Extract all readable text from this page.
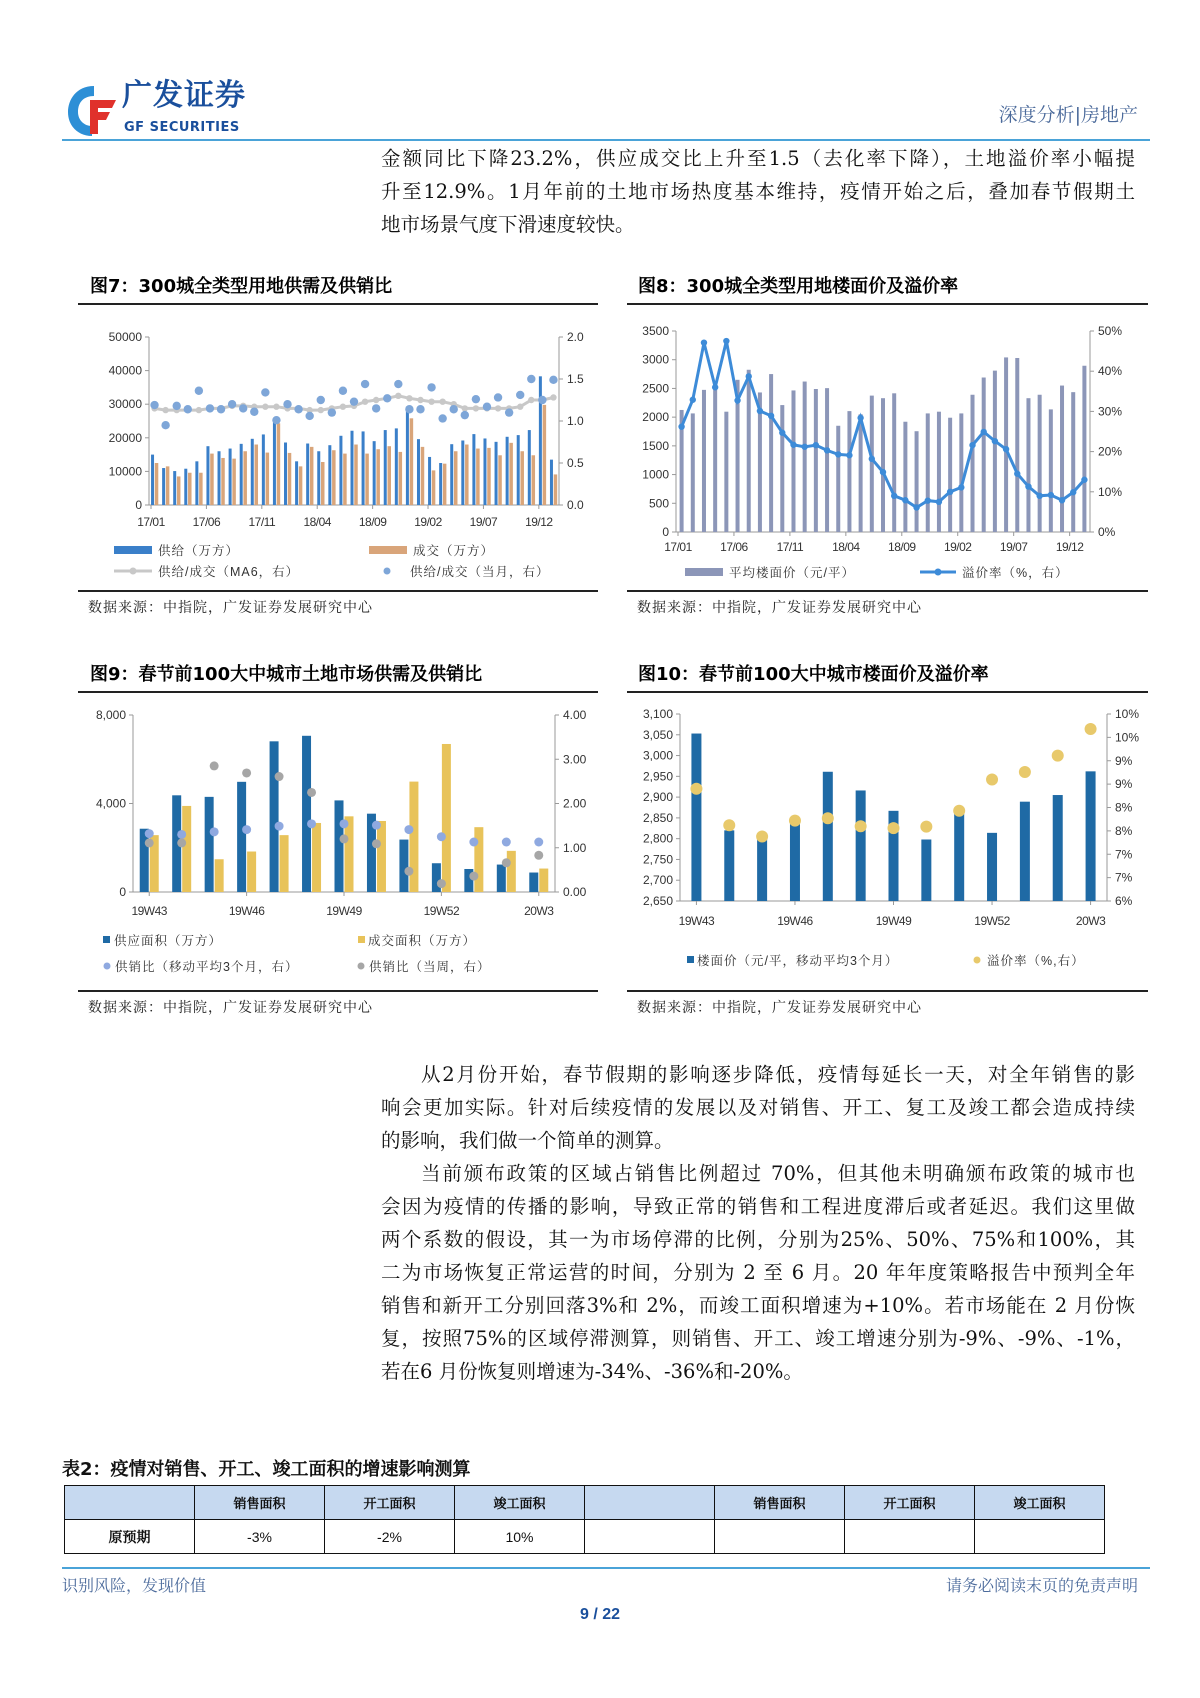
广发证券
GF SECURITIES
深度分析|房地产
金额同比下降23.2%，供应成交比上升至1.5（去化率下降），土地溢价率小幅提
升至12.9%。1月年前的土地市场热度基本维持，疫情开始之后，叠加春节假期土
地市场景气度下滑速度较快。
图7：300城全类型用地供需及供销比
0
10000
20000
30000
40000
50000
0.0
0.5
1.0
1.5
2.0
17/01 17/06 17/11 18/04 18/09 19/02 19/07 19/12
供给（万方）	成交（万方）
供给/成交（MA6，右）	供给/成交（当月，右）
数据来源：中指院，广发证券发展研究中心
图8：300城全类型用地楼面价及溢价率
0
500
1000
1500
2000
2500
3000
3500
0%
10%
20%
30%
40%
50%
17/01 17/06 17/11 18/04 18/09 19/02 19/07 19/12
平均楼面价（元/平）	溢价率（%，右）
数据来源：中指院，广发证券发展研究中心
图9：春节前100大中城市土地市场供需及供销比
0
4,000
8,000
0.00
1.00
2.00
3.00
4.00
19W43	19W46	19W49	19W52	20W3
供应面积（万方）	成交面积（万方）
供销比（移动平均3个月，右）	供销比（当周，右）
数据来源：中指院，广发证券发展研究中心
图10：春节前100大中城市楼面价及溢价率
2,650
2,700
2,750
2,800
2,850
2,900
2,950
3,000
3,050
3,100
6%
7%
7%
8%
8%
9%
9%
10%
10%
19W43	19W46	19W49	19W52	20W3
楼面价（元/平，移动平均3个月）	溢价率（%,右）
数据来源：中指院，广发证券发展研究中心
从2月份开始，春节假期的影响逐步降低，疫情每延长一天，对全年销售的影
响会更加实际。针对后续疫情的发展以及对销售、开工、复工及竣工都会造成持续
的影响，我们做一个简单的测算。
当前颁布政策的区域占销售比例超过 70%，但其他未明确颁布政策的城市也
会因为疫情的传播的影响，导致正常的销售和工程进度滞后或者延迟。我们这里做
两个系数的假设，其一为市场停滞的比例，分别为25%、50%、75%和100%，其
二为市场恢复正常运营的时间，分别为 2 至 6 月。20 年年度策略报告中预判全年
销售和新开工分别回落3%和 2%，而竣工面积增速为+10%。若市场能在 2 月份恢
复，按照75%的区域停滞测算，则销售、开工、竣工增速分别为-9%、-9%、-1%，
若在6 月份恢复则增速为-34%、-36%和-20%。
表2：疫情对销售、开工、竣工面积的增速影响测算
	销售面积	开工面积	竣工面积		销售面积	开工面积	竣工面积
原预期	-3%	-2%	10%				
识别风险，发现价值	请务必阅读末页的免责声明
9 / 22
